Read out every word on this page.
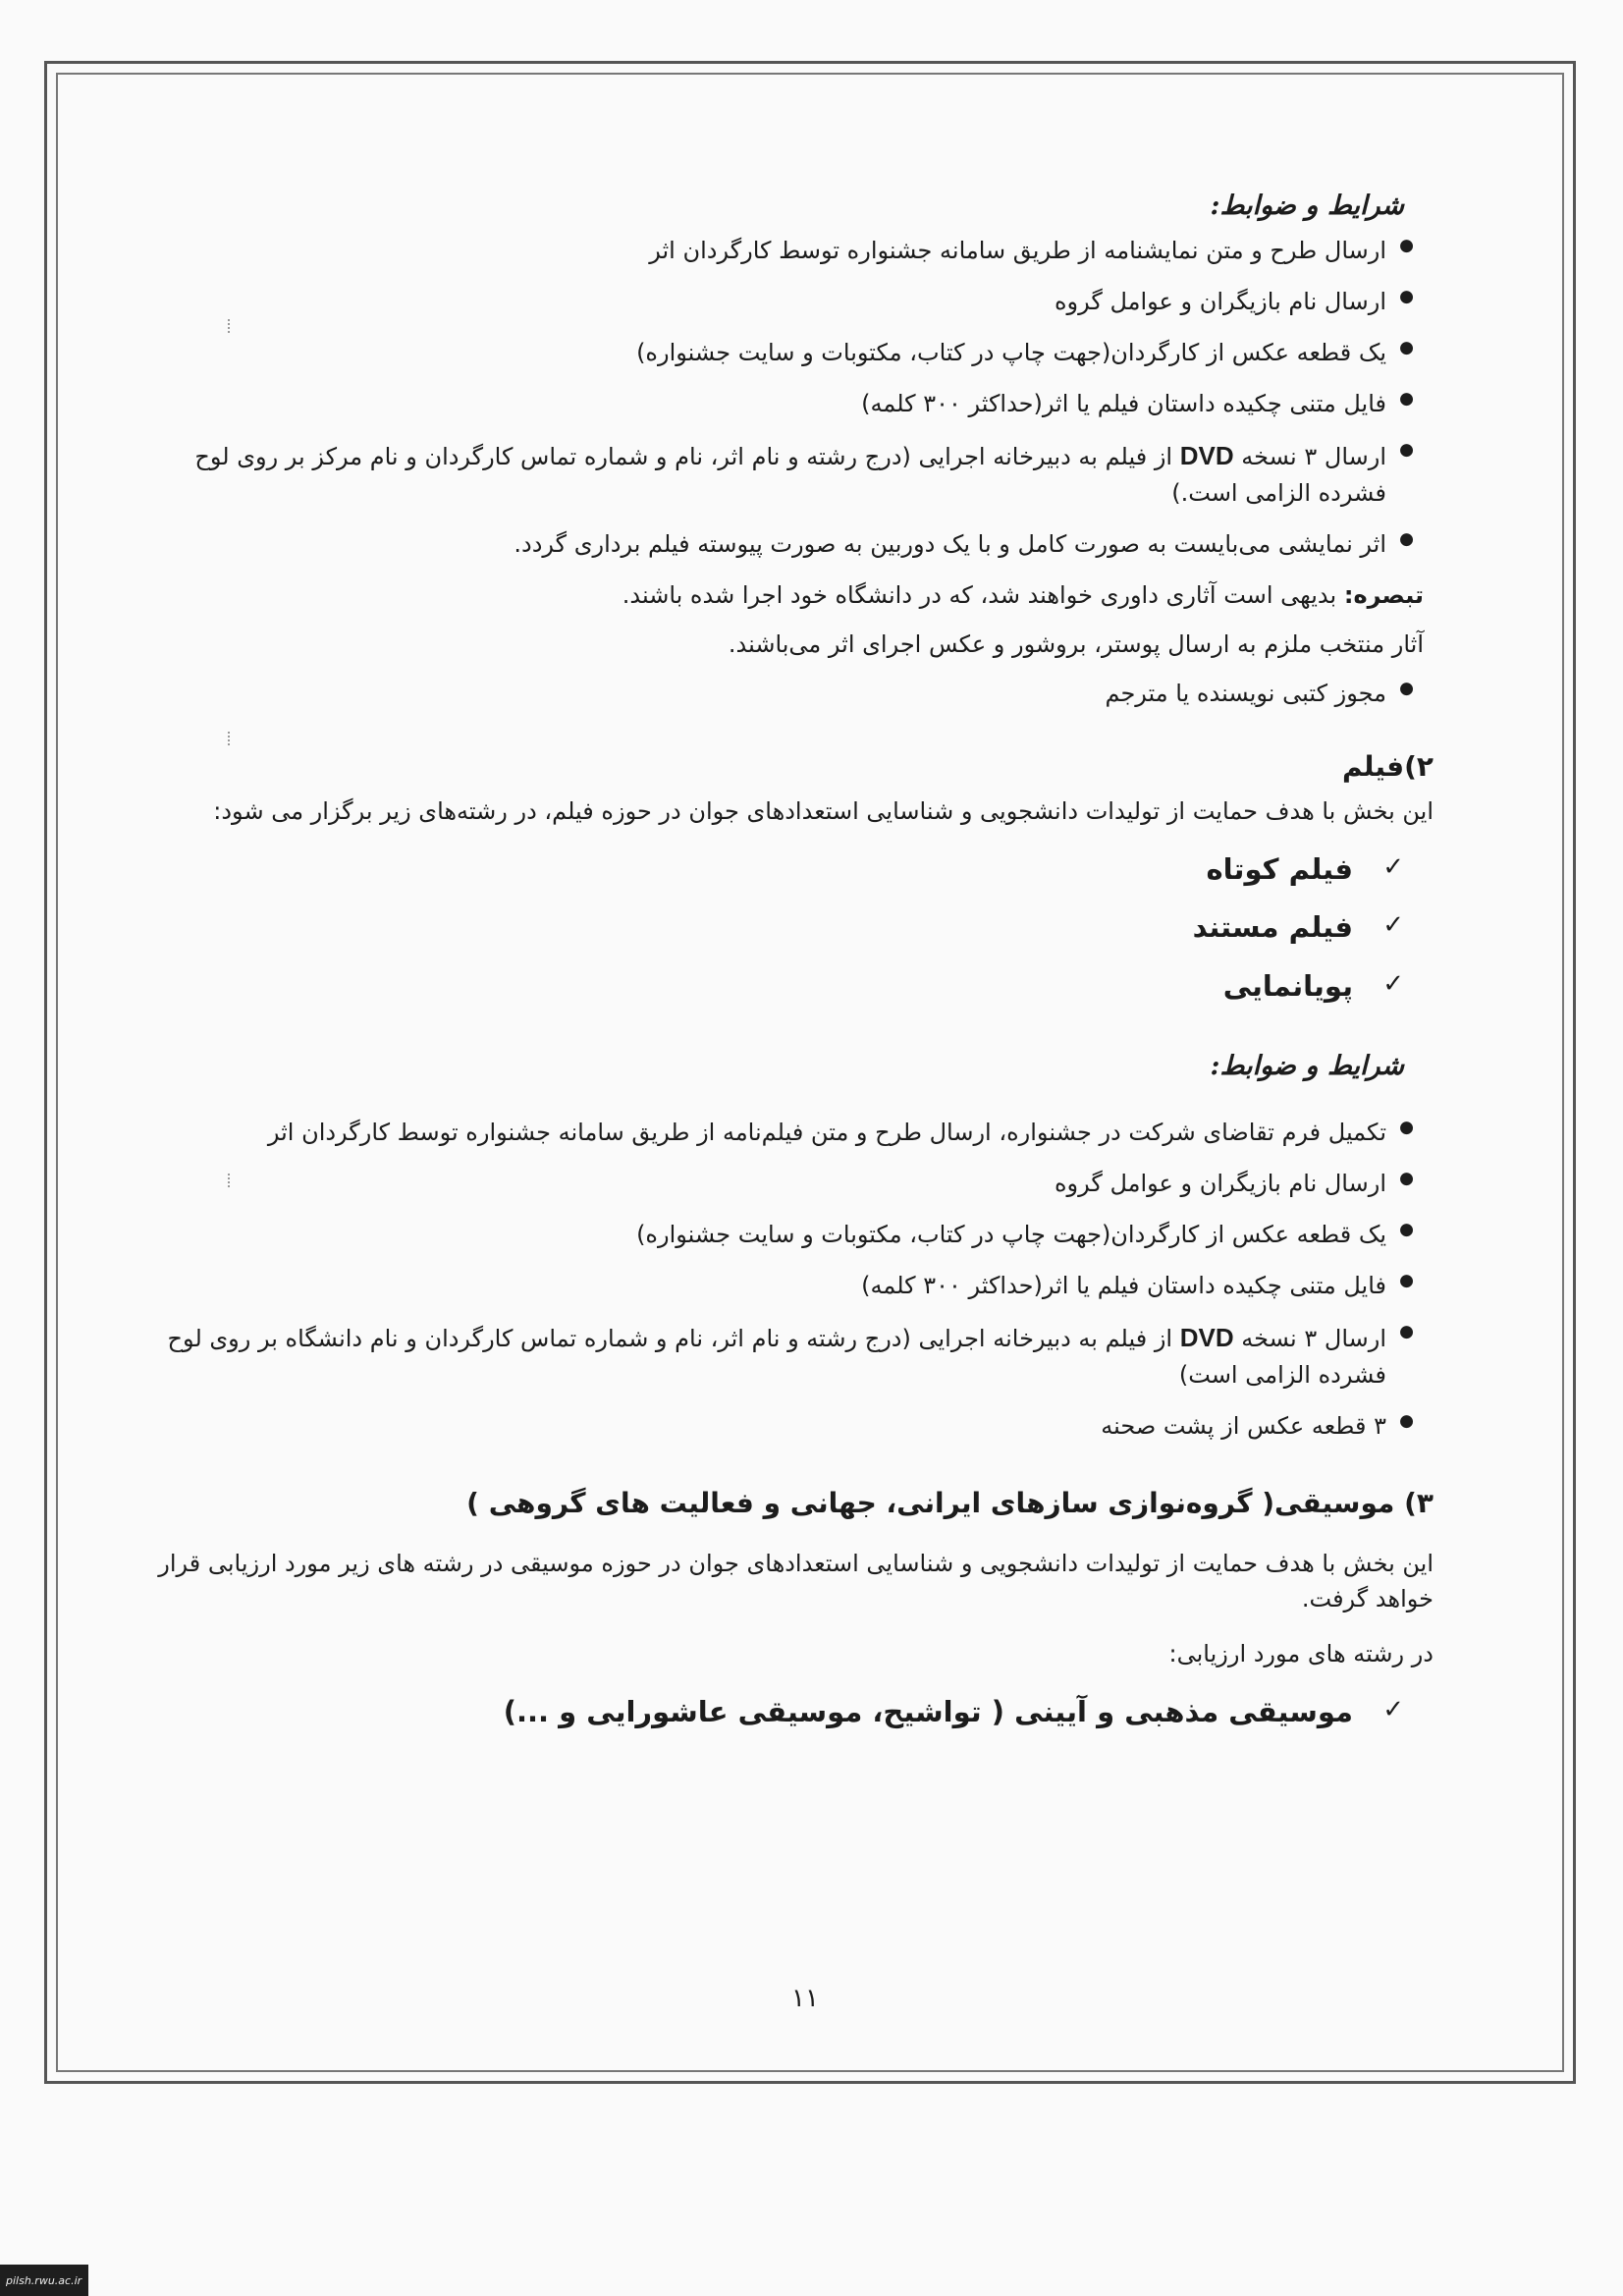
شرایط و ضوابط:
● ارسال طرح و متن نمایشنامه از طریق سامانه جشنواره توسط کارگردان اثر
● ارسال نام بازیگران و عوامل گروه
● یک قطعه عکس از کارگردان(جهت چاپ در کتاب، مکتوبات و سایت جشنواره)
● فایل متنی چکیده داستان فیلم یا اثر(حداکثر ۳۰۰ کلمه)
● ارسال ۳ نسخه DVD از فیلم به دبیرخانه اجرایی (درج رشته و نام اثر، نام و شماره تماس کارگردان و نام مرکز بر روی لوح فشرده الزامی است.)
● اثر نمایشی می‌بایست به صورت کامل و با یک دوربین به صورت پیوسته فیلم برداری گردد.
تبصره: بدیهی است آثاری داوری خواهند شد، که در دانشگاه خود اجرا شده باشند.
آثار منتخب ملزم به ارسال پوستر، بروشور و عکس اجرای اثر می‌باشند.
● مجوز کتبی نویسنده یا مترجم
۲)فیلم
این بخش با هدف حمایت از تولیدات دانشجویی و شناسایی استعدادهای جوان در حوزه فیلم، در رشته‌های زیر برگزار می شود:
✓ فیلم کوتاه
✓ فیلم مستند
✓ پویانمایی
شرایط و ضوابط:
● تکمیل فرم تقاضای شرکت در جشنواره، ارسال طرح و متن فیلم‌نامه از طریق سامانه جشنواره توسط کارگردان اثر
● ارسال نام بازیگران و عوامل گروه
● یک قطعه عکس از کارگردان(جهت چاپ در کتاب، مکتوبات و سایت جشنواره)
● فایل متنی چکیده داستان فیلم یا اثر(حداکثر ۳۰۰ کلمه)
● ارسال ۳ نسخه DVD از فیلم به دبیرخانه اجرایی (درج رشته و نام اثر، نام و شماره تماس کارگردان و نام دانشگاه بر روی لوح فشرده الزامی است)
● ۳ قطعه عکس از پشت صحنه
۳) موسیقی( گروه‌نوازی سازهای ایرانی، جهانی و فعالیت های گروهی )
این بخش با هدف حمایت از تولیدات دانشجویی و شناسایی استعدادهای جوان در حوزه موسیقی در رشته های زیر مورد ارزیابی قرار خواهد گرفت.
در رشته های مورد ارزیابی:
✓ موسیقی مذهبی و آیینی ( تواشیح، موسیقی عاشورایی و ...)
۱۱
pilsh.rwu.ac.ir
